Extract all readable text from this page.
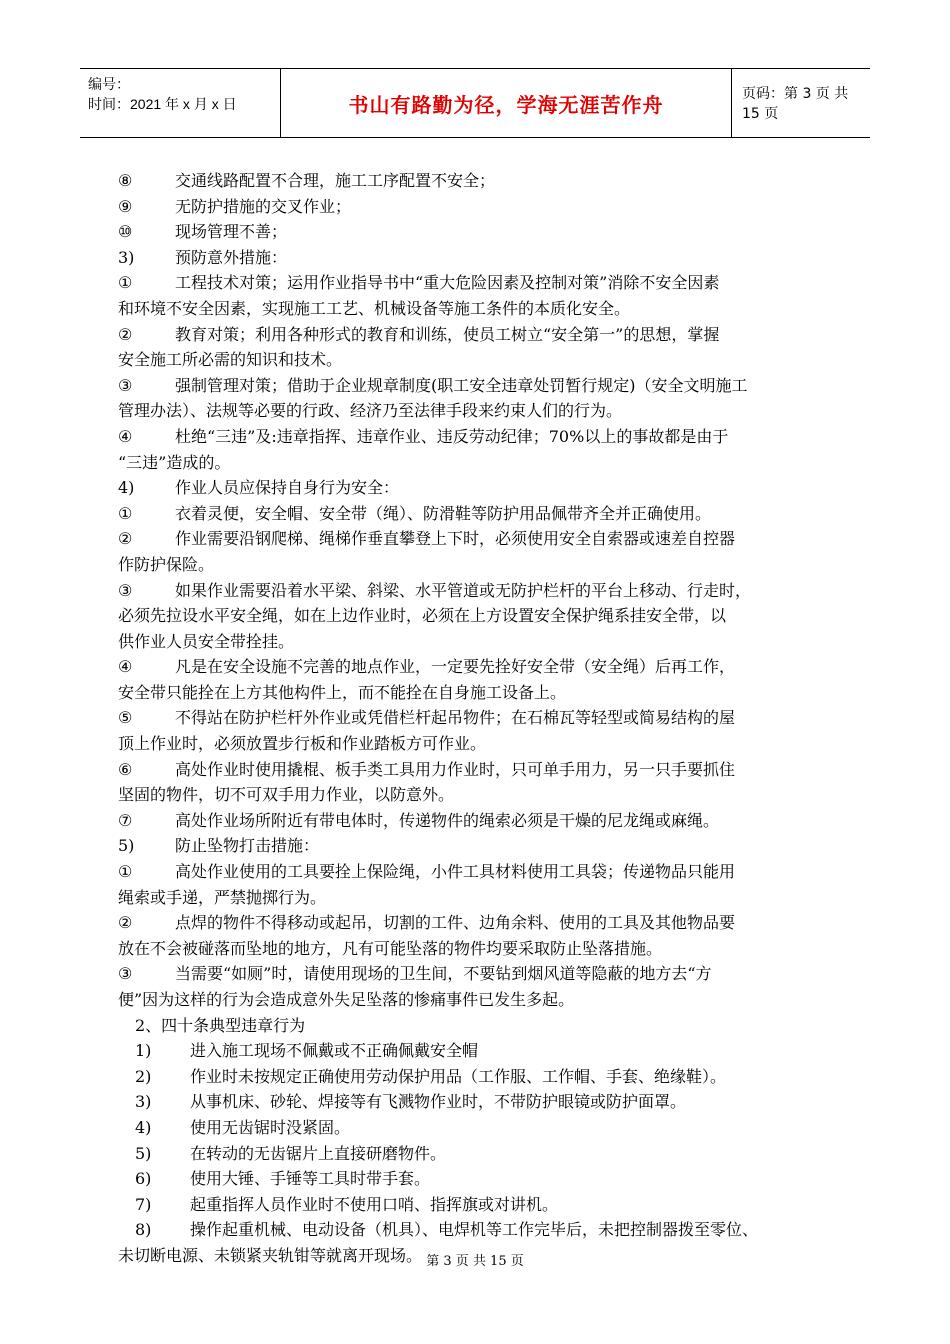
编号：
时间：2021 年 x 月 x 日	书山有路勤为径，学海无涯苦作舟	页码：第 3 页 共 15 页
⑧	交通线路配置不合理，施工工序配置不安全；
⑨	无防护措施的交叉作业；
⑩	现场管理不善；
3)	预防意外措施：
①	工程技术对策；运用作业指导书中“重大危险因素及控制对策”消除不安全因素
和环境不安全因素，实现施工工艺、机械设备等施工条件的本质化安全。
②	教育对策；利用各种形式的教育和训练，使员工树立“安全第一”的思想，掌握
安全施工所必需的知识和技术。
③	强制管理对策；借助于企业规章制度(职工安全违章处罚暂行规定)（安全文明施工
管理办法）、法规等必要的行政、经济乃至法律手段来约束人们的行为。
④	杜绝“三违”及:违章指挥、违章作业、违反劳动纪律；70%以上的事故都是由于
“三违”造成的。
4)	作业人员应保持自身行为安全：
①	衣着灵便，安全帽、安全带（绳）、防滑鞋等防护用品佩带齐全并正确使用。
②	作业需要沿钢爬梯、绳梯作垂直攀登上下时，必须使用安全自索器或速差自控器
作防护保险。
③	如果作业需要沿着水平梁、斜梁、水平管道或无防护栏杆的平台上移动、行走时，
必须先拉设水平安全绳，如在上边作业时，必须在上方设置安全保护绳系挂安全带，以
供作业人员安全带拴挂。
④	凡是在安全设施不完善的地点作业，一定要先拴好安全带（安全绳）后再工作，
安全带只能拴在上方其他构件上，而不能拴在自身施工设备上。
⑤	不得站在防护栏杆外作业或凭借栏杆起吊物件；在石棉瓦等轻型或简易结构的屋
顶上作业时，必须放置步行板和作业踏板方可作业。
⑥	高处作业时使用撬棍、板手类工具用力作业时，只可单手用力，另一只手要抓住
坚固的物件，切不可双手用力作业，以防意外。
⑦	高处作业场所附近有带电体时，传递物件的绳索必须是干燥的尼龙绳或麻绳。
5)	防止坠物打击措施：
①	高处作业使用的工具要拴上保险绳，小件工具材料使用工具袋；传递物品只能用
绳索或手递，严禁抛掷行为。
②	点焊的物件不得移动或起吊，切割的工件、边角余料、使用的工具及其他物品要
放在不会被碰落而坠地的地方，凡有可能坠落的物件均要采取防止坠落措施。
③	当需要“如厕”时，请使用现场的卫生间，不要钻到烟风道等隐蔽的地方去“方
便”因为这样的行为会造成意外失足坠落的惨痛事件已发生多起。
2、四十条典型违章行为
1) 进入施工现场不佩戴或不正确佩戴安全帽
2) 作业时未按规定正确使用劳动保护用品（工作服、工作帽、手套、绝缘鞋）。
3) 从事机床、砂轮、焊接等有飞溅物作业时，不带防护眼镜或防护面罩。
4) 使用无齿锯时没紧固。
5) 在转动的无齿锯片上直接研磨物件。
6) 使用大锤、手锤等工具时带手套。
7) 起重指挥人员作业时不使用口哨、指挥旗或对讲机。
8) 操作起重机械、电动设备（机具）、电焊机等工作完毕后，未把控制器拨至零位、
未切断电源、未锁紧夹轨钳等就离开现场。 第 3 页 共 15 页
